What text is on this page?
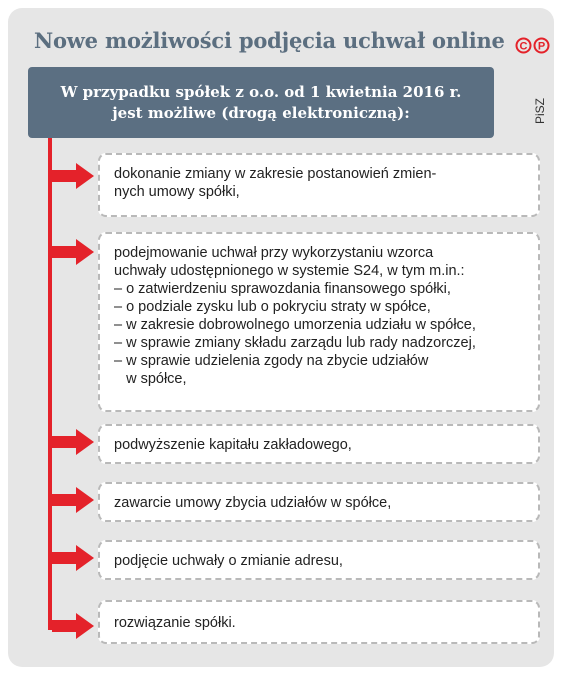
Nowe możliwości podjęcia uchwał online C P
W przypadku spółek z o.o. od 1 kwietnia 2016 r.
jest możliwe (drogą elektroniczną):	PiSZ

dokonanie zmiany w zakresie postanowień zmien-

nych umowy spółki,

podejmowanie uchwał przy wykorzystaniu wzorca

uchwały udostępnionego w systemie S24, w tym m.in.:

– o zatwierdzeniu sprawozdania finansowego spółki,

– o podziale zysku lub o pokryciu straty w spółce,

– w zakresie dobrowolnego umorzenia udziału w spółce,

– w sprawie zmiany składu zarządu lub rady nadzorczej,

– w sprawie udzielenia zgody na zbycie udziałów

w spółce,

podwyższenie kapitału zakładowego,

zawarcie umowy zbycia udziałów w spółce,

podjęcie uchwały o zmianie adresu,

rozwiązanie spółki.
